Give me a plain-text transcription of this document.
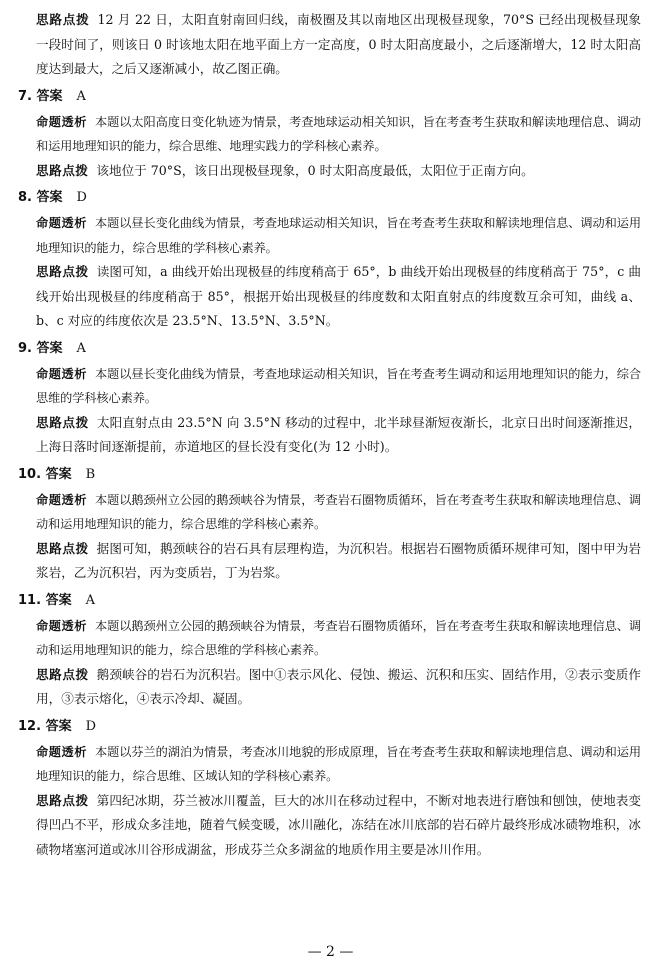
思路点拨 12 月 22 日，太阳直射南回归线，南极圈及其以南地区出现极昼现象，70°S 已经出现极昼现象一段时间了，则该日 0 时该地太阳在地平面上方一定高度，0 时太阳高度最小，之后逐渐增大，12 时太阳高度达到最大，之后又逐渐减小，故乙图正确。

7. 答案 A

命题透析 本题以太阳高度日变化轨迹为情景，考查地球运动相关知识，旨在考查考生获取和解读地理信息、调动和运用地理知识的能力，综合思维、地理实践力的学科核心素养。

思路点拨 该地位于 70°S，该日出现极昼现象，0 时太阳高度最低，太阳位于正南方向。

8. 答案 D

命题透析 本题以昼长变化曲线为情景，考查地球运动相关知识，旨在考查考生获取和解读地理信息、调动和运用地理知识的能力，综合思维的学科核心素养。

思路点拨 读图可知，a 曲线开始出现极昼的纬度稍高于 65°，b 曲线开始出现极昼的纬度稍高于 75°，c 曲线开始出现极昼的纬度稍高于 85°，根据开始出现极昼的纬度数和太阳直射点的纬度数互余可知，曲线 a、b、c 对应的纬度依次是 23.5°N、13.5°N、3.5°N。

9. 答案 A

命题透析 本题以昼长变化曲线为情景，考查地球运动相关知识，旨在考查考生调动和运用地理知识的能力，综合思维的学科核心素养。

思路点拨 太阳直射点由 23.5°N 向 3.5°N 移动的过程中，北半球昼渐短夜渐长，北京日出时间逐渐推迟，上海日落时间逐渐提前，赤道地区的昼长没有变化(为 12 小时)。

10. 答案 B

命题透析 本题以鹅颈州立公园的鹅颈峡谷为情景，考查岩石圈物质循环，旨在考查考生获取和解读地理信息、调动和运用地理知识的能力，综合思维的学科核心素养。

思路点拨 据图可知，鹅颈峡谷的岩石具有层理构造，为沉积岩。根据岩石圈物质循环规律可知，图中甲为岩浆岩，乙为沉积岩，丙为变质岩，丁为岩浆。

11. 答案 A

命题透析 本题以鹅颈州立公园的鹅颈峡谷为情景，考查岩石圈物质循环，旨在考查考生获取和解读地理信息、调动和运用地理知识的能力，综合思维的学科核心素养。

思路点拨 鹅颈峡谷的岩石为沉积岩。图中①表示风化、侵蚀、搬运、沉积和压实、固结作用，②表示变质作用，③表示熔化，④表示冷却、凝固。

12. 答案 D

命题透析 本题以芬兰的湖泊为情景，考查冰川地貌的形成原理，旨在考查考生获取和解读地理信息、调动和运用地理知识的能力，综合思维、区域认知的学科核心素养。

思路点拨 第四纪冰期，芬兰被冰川覆盖，巨大的冰川在移动过程中，不断对地表进行磨蚀和刨蚀，使地表变得凹凸不平，形成众多洼地，随着气候变暖，冰川融化，冻结在冰川底部的岩石碎片最终形成冰碛物堆积，冰碛物堵塞河道或冰川谷形成湖盆，形成芬兰众多湖盆的地质作用主要是冰川作用。

— 2 —
